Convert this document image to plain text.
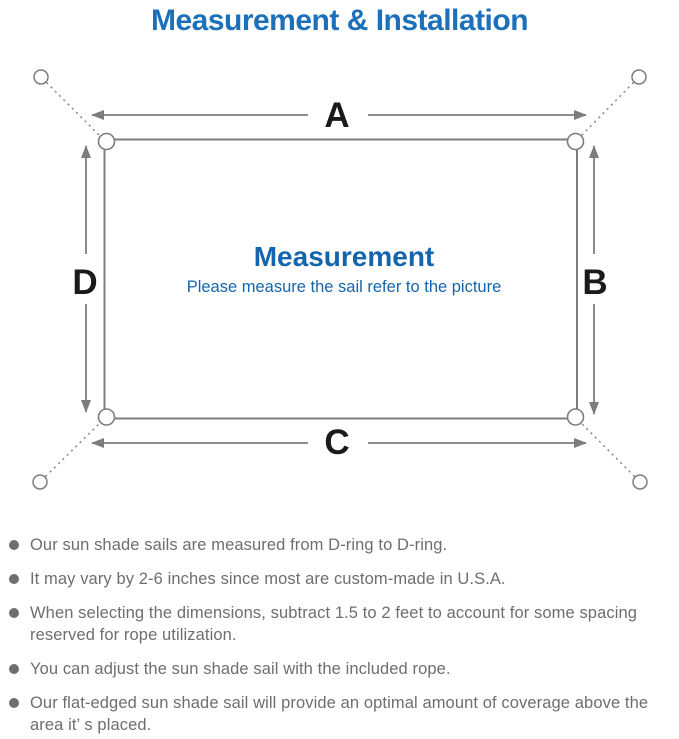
Measurement & Installation
A
B
C
D
Measurement
Please measure the sail refer to the picture
Our sun shade sails are measured from D-ring to D-ring.
It may vary by 2-6 inches since most are custom-made in U.S.A.
When selecting the dimensions, subtract 1.5 to 2 feet to account for some spacing reserved for rope utilization.
You can adjust the sun shade sail with the included rope.
Our flat-edged sun shade sail will provide an optimal amount of coverage above the area it’ s placed.
